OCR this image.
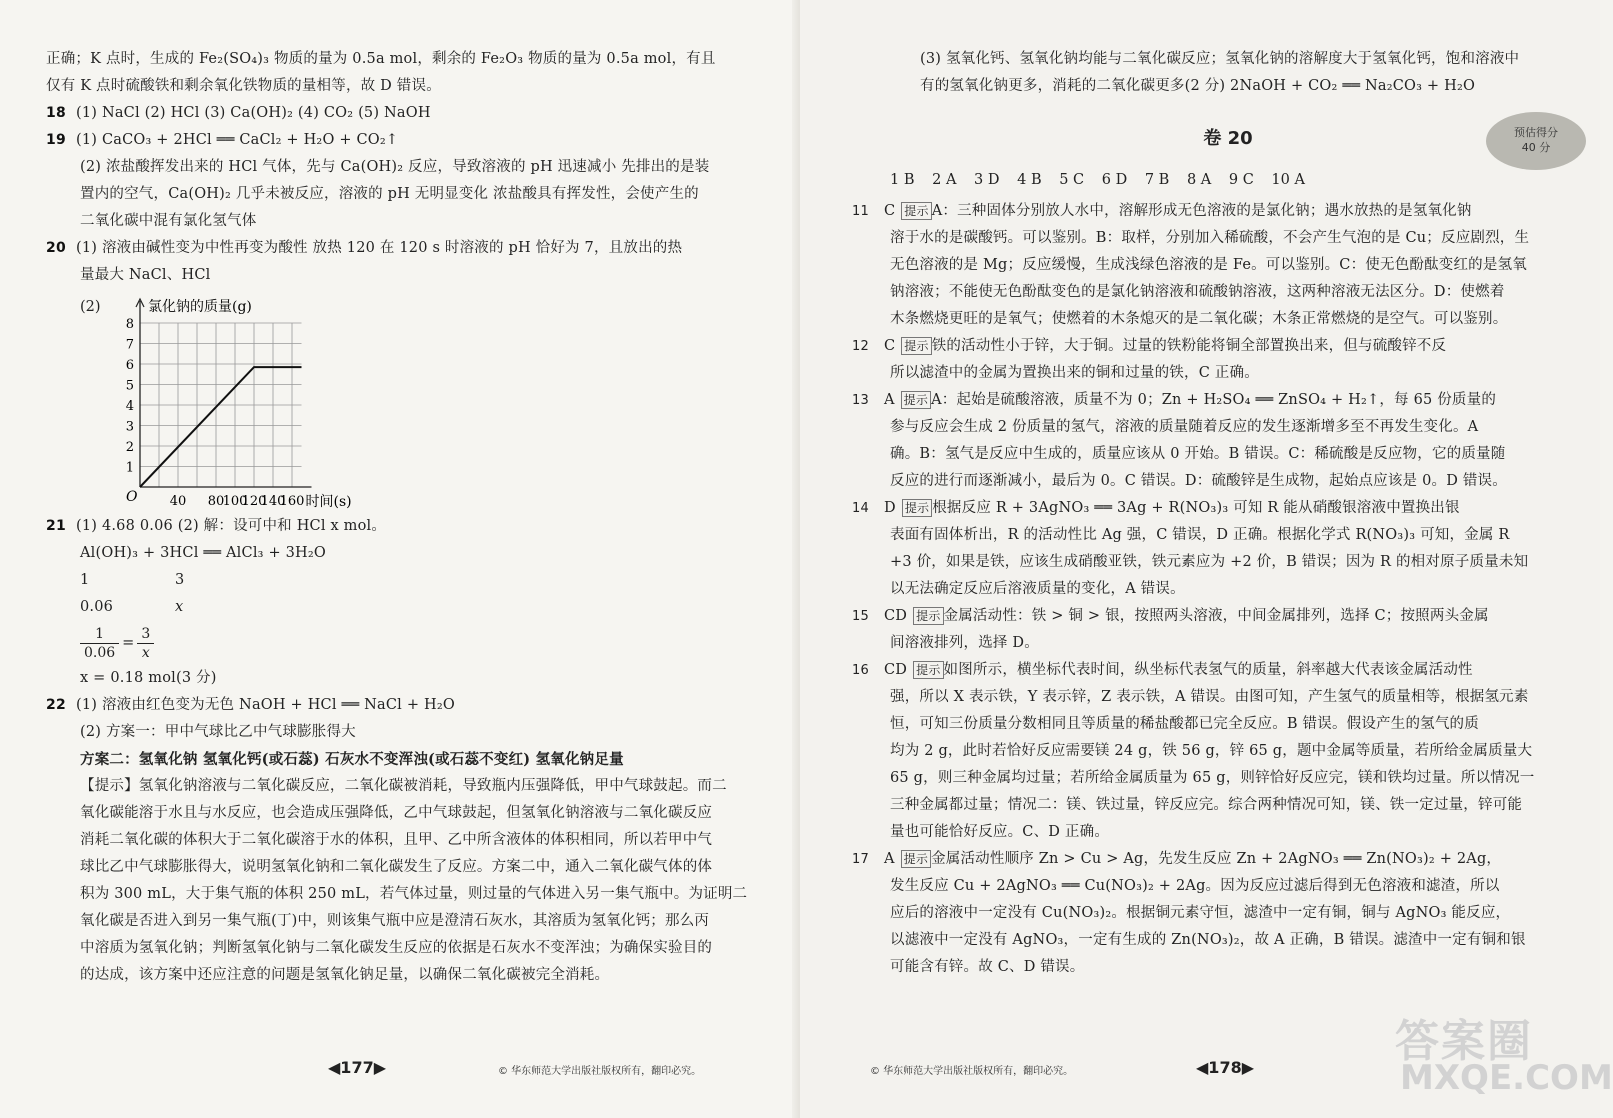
正确；K 点时，生成的 Fe₂(SO₄)₃ 物质的量为 0.5a mol，剩余的 Fe₂O₃ 物质的量为 0.5a mol，有且
仅有 K 点时硫酸铁和剩余氧化铁物质的量相等，故 D 错误。
18 (1) NaCl (2) HCl (3) Ca(OH)₂ (4) CO₂ (5) NaOH
19 (1) CaCO₃ + 2HCl ══ CaCl₂ + H₂O + CO₂↑
(2) 浓盐酸挥发出来的 HCl 气体，先与 Ca(OH)₂ 反应，导致溶液的 pH 迅速减小 先排出的是装
置内的空气，Ca(OH)₂ 几乎未被反应，溶液的 pH 无明显变化 浓盐酸具有挥发性，会使产生的
二氧化碳中混有氯化氢气体
20 (1) 溶液由碱性变为中性再变为酸性 放热 120 在 120 s 时溶液的 pH 恰好为 7，且放出的热
量最大 NaCl、HCl
(2)
1
2
3
4
5
6
7
8
40 80
100
120
140
160
O
氯化钠的质量(g)
时间(s)
21 (1) 4.68 0.06 (2) 解：设可中和 HCl x mol。
Al(OH)₃ + 3HCl ══ AlCl₃ + 3H₂O
1	3
0.06	x
$\frac{1}{0.06} = \frac{3}{x}$
x = 0.18 mol(3 分)
22 (1) 溶液由红色变为无色 NaOH + HCl ══ NaCl + H₂O
(2) 方案一：甲中气球比乙中气球膨胀得大
方案二：氢氧化钠 氢氧化钙(或石蕊) 石灰水不变浑浊(或石蕊不变红) 氢氧化钠足量
【提示】氢氧化钠溶液与二氧化碳反应，二氧化碳被消耗，导致瓶内压强降低，甲中气球鼓起。而二
氧化碳能溶于水且与水反应，也会造成压强降低，乙中气球鼓起，但氢氧化钠溶液与二氧化碳反应
消耗二氧化碳的体积大于二氧化碳溶于水的体积，且甲、乙中所含液体的体积相同，所以若甲中气
球比乙中气球膨胀得大，说明氢氧化钠和二氧化碳发生了反应。方案二中，通入二氧化碳气体的体
积为 300 mL，大于集气瓶的体积 250 mL，若气体过量，则过量的气体进入另一集气瓶中。为证明二
氧化碳是否进入到另一集气瓶(丁)中，则该集气瓶中应是澄清石灰水，其溶质为氢氧化钙；那么丙
中溶质为氢氧化钠；判断氢氧化钠与二氧化碳发生反应的依据是石灰水不变浑浊；为确保实验目的
的达成，该方案中还应注意的问题是氢氧化钠足量，以确保二氧化碳被完全消耗。
◀177▶	© 华东师范大学出版社版权所有，翻印必究。
(3) 氢氧化钙、氢氧化钠均能与二氧化碳反应；氢氧化钠的溶解度大于氢氧化钙，饱和溶液中
有的氢氧化钠更多，消耗的二氧化碳更多(2 分) 2NaOH + CO₂ ══ Na₂CO₃ + H₂O
卷 20
1 B 2 A 3 D 4 B 5 C 6 D 7 B 8 A 9 C 10 A
11 C 提示 A：三种固体分别放人水中，溶解形成无色溶液的是氯化钠；遇水放热的是氢氧化钠
溶于水的是碳酸钙。可以鉴别。B：取样，分别加入稀硫酸，不会产生气泡的是 Cu；反应剧烈，生
无色溶液的是 Mg；反应缓慢，生成浅绿色溶液的是 Fe。可以鉴别。C：使无色酚酞变红的是氢氧
钠溶液；不能使无色酚酞变色的是氯化钠溶液和硫酸钠溶液，这两种溶液无法区分。D：使燃着
木条燃烧更旺的是氧气；使燃着的木条熄灭的是二氧化碳；木条正常燃烧的是空气。可以鉴别。
12 C 提示 铁的活动性小于锌，大于铜。过量的铁粉能将铜全部置换出来，但与硫酸锌不反
所以滤渣中的金属为置换出来的铜和过量的铁，C 正确。
13 A 提示 A：起始是硫酸溶液，质量不为 0；Zn + H₂SO₄ ══ ZnSO₄ + H₂↑，每 65 份质量的
参与反应会生成 2 份质量的氢气，溶液的质量随着反应的发生逐渐增多至不再发生变化。A
确。B：氢气是反应中生成的，质量应该从 0 开始。B 错误。C：稀硫酸是反应物，它的质量随
反应的进行而逐渐减小，最后为 0。C 错误。D：硫酸锌是生成物，起始点应该是 0。D 错误。
14 D 提示 根据反应 R + 3AgNO₃ ══ 3Ag + R(NO₃)₃ 可知 R 能从硝酸银溶液中置换出银
表面有固体析出，R 的活动性比 Ag 强，C 错误，D 正确。根据化学式 R(NO₃)₃ 可知，金属 R
+3 价，如果是铁，应该生成硝酸亚铁，铁元素应为 +2 价，B 错误；因为 R 的相对原子质量未知
以无法确定反应后溶液质量的变化，A 错误。
15 CD 提示 金属活动性：铁 > 铜 > 银，按照两头溶液，中间金属排列，选择 C；按照两头金属
间溶液排列，选择 D。
16 CD 提示 如图所示，横坐标代表时间，纵坐标代表氢气的质量，斜率越大代表该金属活动性
强，所以 X 表示铁，Y 表示锌，Z 表示铁，A 错误。由图可知，产生氢气的质量相等，根据氢元素
恒，可知三份质量分数相同且等质量的稀盐酸都已完全反应。B 错误。假设产生的氢气的质
均为 2 g，此时若恰好反应需要镁 24 g，铁 56 g，锌 65 g，题中金属等质量，若所给金属质量大
65 g，则三种金属均过量；若所给金属质量为 65 g，则锌恰好反应完，镁和铁均过量。所以情况一
三种金属都过量；情况二：镁、铁过量，锌反应完。综合两种情况可知，镁、铁一定过量，锌可能
量也可能恰好反应。C、D 正确。
17 A 提示 金属活动性顺序 Zn > Cu > Ag，先发生反应 Zn + 2AgNO₃ ══ Zn(NO₃)₂ + 2Ag，
发生反应 Cu + 2AgNO₃ ══ Cu(NO₃)₂ + 2Ag。因为反应过滤后得到无色溶液和滤渣，所以
应后的溶液中一定没有 Cu(NO₃)₂。根据铜元素守恒，滤渣中一定有铜，铜与 AgNO₃ 能反应，
以滤液中一定没有 AgNO₃，一定有生成的 Zn(NO₃)₂，故 A 正确，B 错误。滤渣中一定有铜和银
可能含有锌。故 C、D 错误。
预估得分
40 分
© 华东师范大学出版社版权所有，翻印必究。	◀178▶
答案圈
MXQE.COM
